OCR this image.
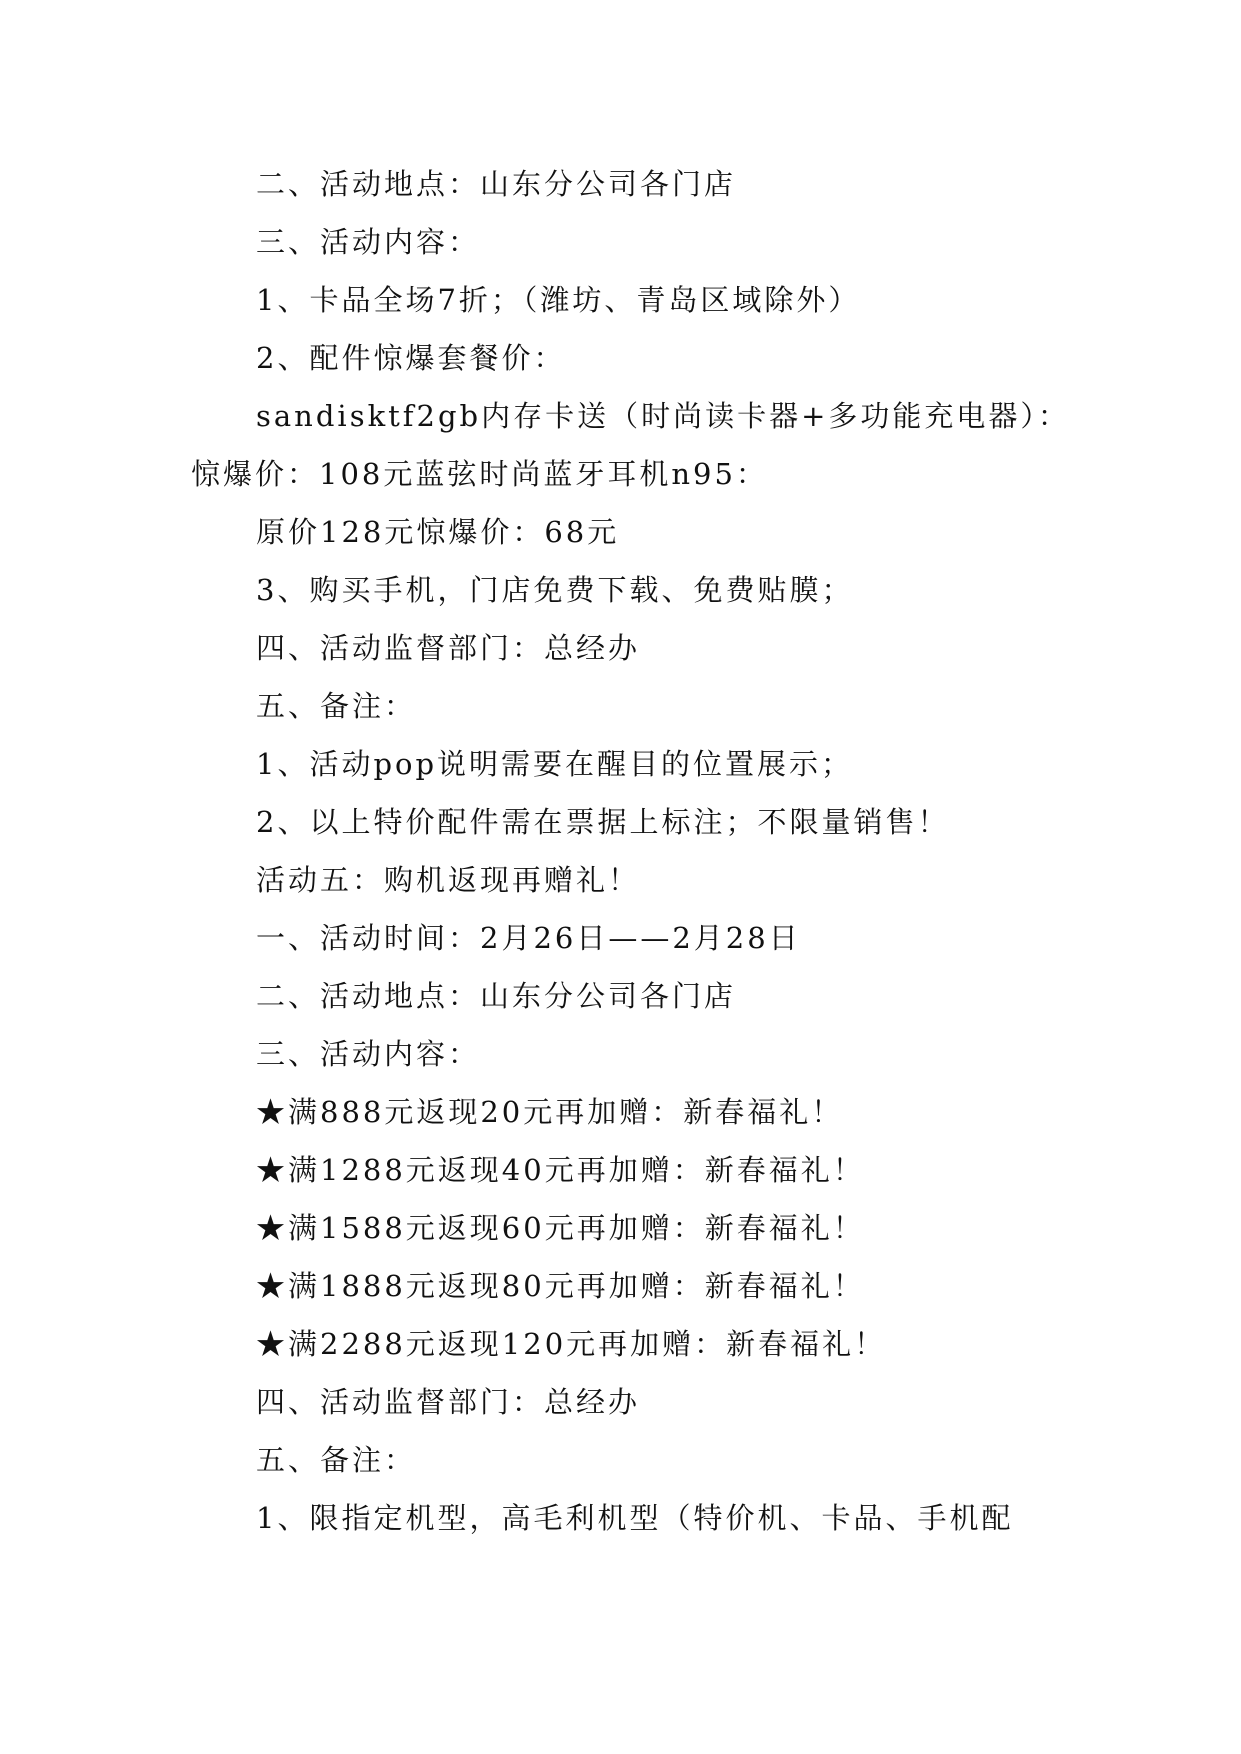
二、活动地点：山东分公司各门店
三、活动内容：
1、卡品全场7折；（潍坊、青岛区域除外）
2、配件惊爆套餐价：
sandisktf2gb内存卡送（时尚读卡器+多功能充电器）：
惊爆价：108元蓝弦时尚蓝牙耳机n95：
原价128元惊爆价：68元
3、购买手机，门店免费下载、免费贴膜；
四、活动监督部门：总经办
五、备注：
1、活动pop说明需要在醒目的位置展示；
2、以上特价配件需在票据上标注；不限量销售！
活动五：购机返现再赠礼！
一、活动时间：2月26日——2月28日
二、活动地点：山东分公司各门店
三、活动内容：
★满888元返现20元再加赠：新春福礼！
★满1288元返现40元再加赠：新春福礼！
★满1588元返现60元再加赠：新春福礼！
★满1888元返现80元再加赠：新春福礼！
★满2288元返现120元再加赠：新春福礼！
四、活动监督部门：总经办
五、备注：
1、限指定机型，高毛利机型（特价机、卡品、手机配
